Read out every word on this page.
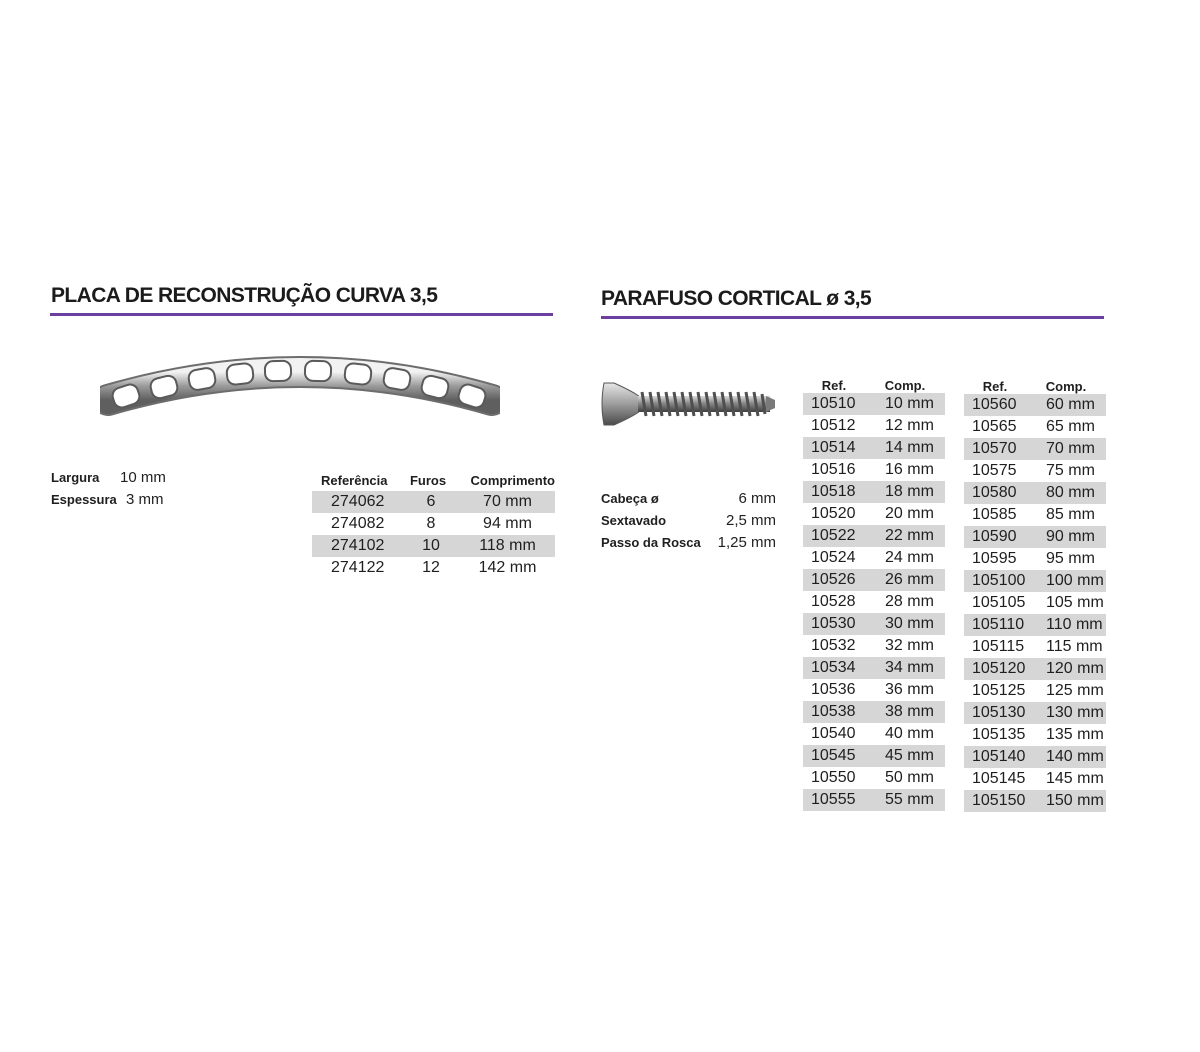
PLACA DE RECONSTRUÇÃO CURVA 3,5
Largura	10 mm
Espessura 3 mm
Referência	Furos	Comprimento
274062	6	70 mm
274082	8	94 mm
274102	10	118 mm
274122	12	142 mm
PARAFUSO CORTICAL ø 3,5
Cabeça ø	6 mm
Sextavado	2,5 mm
Passo da Rosca 1,25 mm
Ref.	Comp.
10510	10 mm
10512	12 mm
10514	14 mm
10516	16 mm
10518	18 mm
10520	20 mm
10522	22 mm
10524	24 mm
10526	26 mm
10528	28 mm
10530	30 mm
10532	32 mm
10534	34 mm
10536	36 mm
10538	38 mm
10540	40 mm
10545	45 mm
10550	50 mm
10555	55 mm
Ref.	Comp.
10560	60 mm
10565	65 mm
10570	70 mm
10575	75 mm
10580	80 mm
10585	85 mm
10590	90 mm
10595	95 mm
105100	100 mm
105105	105 mm
105110	110 mm
105115	115 mm
105120	120 mm
105125	125 mm
105130	130 mm
105135	135 mm
105140	140 mm
105145	145 mm
105150	150 mm
